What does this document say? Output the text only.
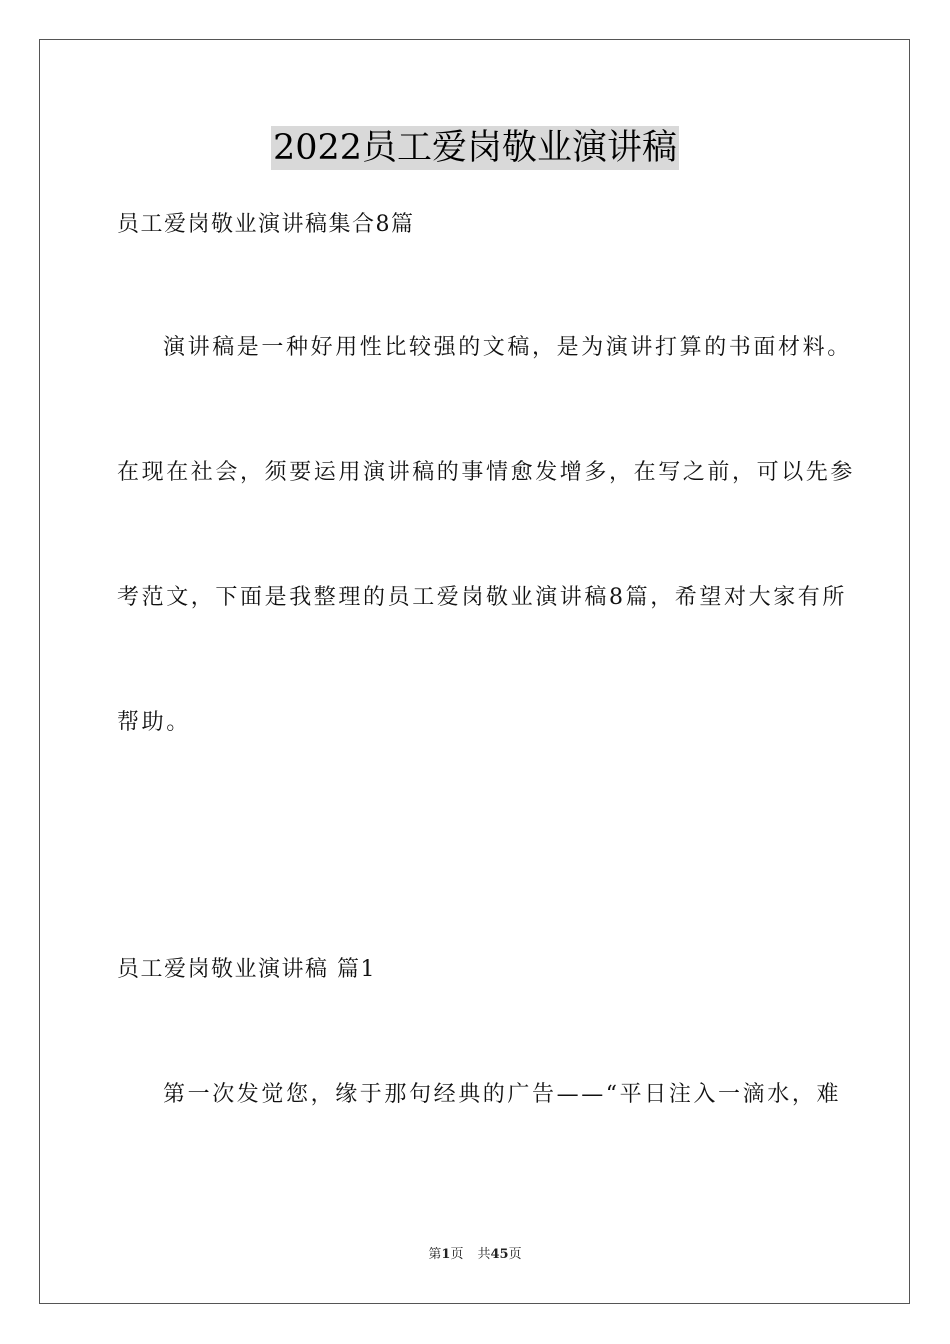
2022员工爱岗敬业演讲稿
员工爱岗敬业演讲稿集合8篇
演讲稿是一种好用性比较强的文稿，是为演讲打算的书面材料。
在现在社会，须要运用演讲稿的事情愈发增多，在写之前，可以先参
考范文，下面是我整理的员工爱岗敬业演讲稿8篇，希望对大家有所
帮助。
员工爱岗敬业演讲稿 篇1
第一次发觉您，缘于那句经典的广告——“平日注入一滴水，难
第1页 共45页
